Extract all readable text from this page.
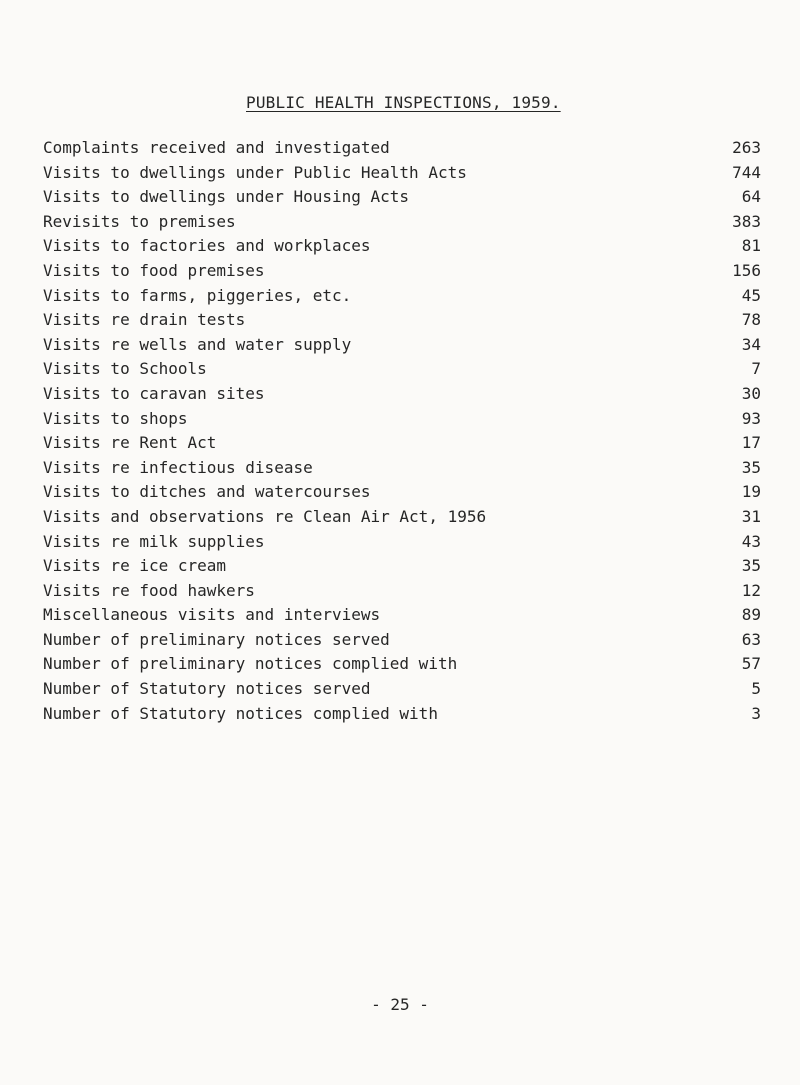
PUBLIC HEALTH INSPECTIONS, 1959.
Complaints received and investigated	263
Visits to dwellings under Public Health Acts	744
Visits to dwellings under Housing Acts	64
Revisits to premises	383
Visits to factories and workplaces	81
Visits to food premises	156
Visits to farms, piggeries, etc.	45
Visits re drain tests	78
Visits re wells and water supply	34
Visits to Schools	7
Visits to caravan sites	30
Visits to shops	93
Visits re Rent Act	17
Visits re infectious disease	35
Visits to ditches and watercourses	19
Visits and observations re Clean Air Act, 1956	31
Visits re milk supplies	43
Visits re ice cream	35
Visits re food hawkers	12
Miscellaneous visits and interviews	89
Number of preliminary notices served	63
Number of preliminary notices complied with	57
Number of Statutory notices served	5
Number of Statutory notices complied with	3
- 25 -
